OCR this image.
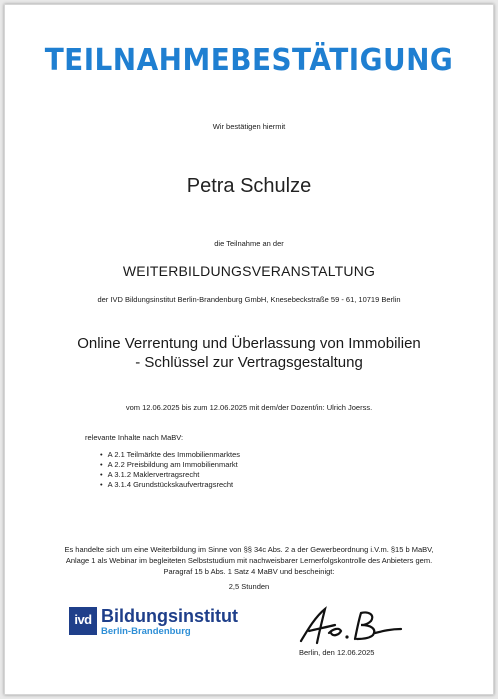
TEILNAHMEBESTÄTIGUNG
Wir bestätigen hiermit
Petra Schulze
die Teilnahme an der
WEITERBILDUNGSVERANSTALTUNG
der IVD Bildungsinstitut Berlin-Brandenburg GmbH, Knesebeckstraße 59 - 61, 10719 Berlin
Online Verrentung und Überlassung von Immobilien
- Schlüssel zur Vertragsgestaltung
vom 12.06.2025 bis zum 12.06.2025 mit dem/der Dozent/in: Ulrich Joerss.
relevante Inhalte nach MaBV:
• A 2.1 Teilmärkte des Immobilienmarktes
• A 2.2 Preisbildung am Immobilienmarkt
• A 3.1.2 Maklervertragsrecht
• A 3.1.4 Grundstückskaufvertragsrecht
Es handelte sich um eine Weiterbildung im Sinne von §§ 34c Abs. 2 a der Gewerbeordnung i.V.m. §15 b MaBV,
Anlage 1 als Webinar im begleiteten Selbststudium mit nachweisbarer Lernerfolgskontrolle des Anbieters gem.
Paragraf 15 b Abs. 1 Satz 4 MaBV und bescheinigt:
2,5 Stunden
ivd Bildungsinstitut
Berlin-Brandenburg
Berlin, den 12.06.2025
